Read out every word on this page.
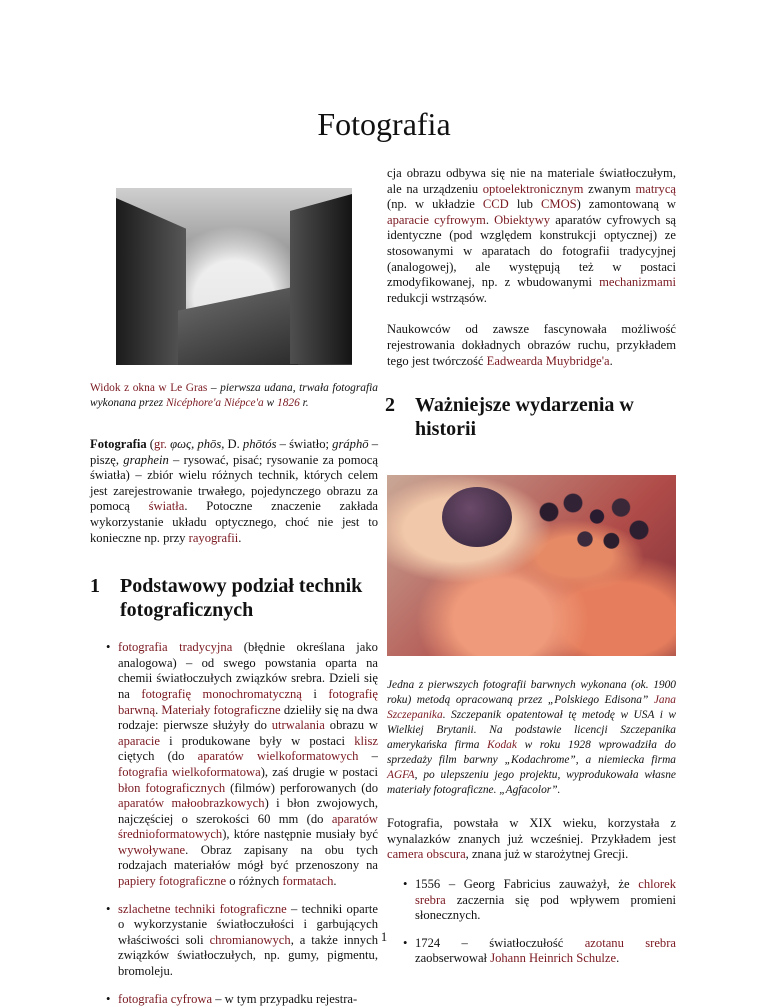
Fotografia

Widok z okna w Le Gras – pierwsza udana, trwała fotografia wykonana przez Nicéphore'a Niépce'a w 1826 r.

Fotografia (gr. φως, phōs, D. phōtós – światło; gráphō – piszę, graphein – rysować, pisać; rysowanie za pomocą światła) – zbiór wielu różnych technik, których celem jest zarejestrowanie trwałego, pojedynczego obrazu za pomocą światła. Potoczne znaczenie zakłada wykorzystanie układu optycznego, choć nie jest to konieczne np. przy rayografii.

1	Podstawowy podział technik fotograficznych
• fotografia tradycyjna (błędnie określana jako analogowa) – od swego powstania oparta na chemii światłoczułych związków srebra. Dzieli się na fotografię monochromatyczną i fotografię barwną. Materiały fotograficzne dzieliły się na dwa rodzaje: pierwsze służyły do utrwalania obrazu w aparacie i produkowane były w postaci klisz ciętych (do aparatów wielkoformatowych – fotografia wielkoformatowa), zaś drugie w postaci błon fotograficznych (filmów) perforowanych (do aparatów małoobrazkowych) i błon zwojowych, najczęściej o szerokości 60 mm (do aparatów średnioformatowych), które następnie musiały być wywoływane. Obraz zapisany na obu tych rodzajach materiałów mógł być przenoszony na papiery fotograficzne o różnych formatach.
• szlachetne techniki fotograficzne – techniki oparte o wykorzystanie światłoczułości i garbujących właściwości soli chromianowych, a także innych związków światłoczułych, np. gumy, pigmentu, bromoleju.
• fotografia cyfrowa – w tym przypadku rejestra-

cja obrazu odbywa się nie na materiale światłoczułym, ale na urządzeniu optoelektronicznym zwanym matrycą (np. w układzie CCD lub CMOS) zamontowaną w aparacie cyfrowym. Obiektywy aparatów cyfrowych są identyczne (pod względem konstrukcji optycznej) ze stosowanymi w aparatach do fotografii tradycyjnej (analogowej), ale występują też w postaci zmodyfikowanej, np. z wbudowanymi mechanizmami redukcji wstrząsów.

Naukowców od zawsze fascynowała możliwość rejestrowania dokładnych obrazów ruchu, przykładem tego jest twórczość Eadwearda Muybridge'a.

2	Ważniejsze wydarzenia w historii

Jedna z pierwszych fotografii barwnych wykonana (ok. 1900 roku) metodą opracowaną przez „Polskiego Edisona” Jana Szczepanika. Szczepanik opatentował tę metodę w USA i w Wielkiej Brytanii. Na podstawie licencji Szczepanika amerykańska firma Kodak w roku 1928 wprowadziła do sprzedaży film barwny „Kodachrome”, a niemiecka firma AGFA, po ulepszeniu jego projektu, wyprodukowała własne materiały fotograficzne. „Agfacolor”.

Fotografia, powstała w XIX wieku, korzystała z wynalazków znanych już wcześniej. Przykładem jest camera obscura, znana już w starożytnej Grecji.

• 1556 – Georg Fabricius zauważył, że chlorek srebra zaczernia się pod wpływem promieni słonecznych.
• 1724 – światłoczułość azotanu srebra zaobserwował Johann Heinrich Schulze.
1
